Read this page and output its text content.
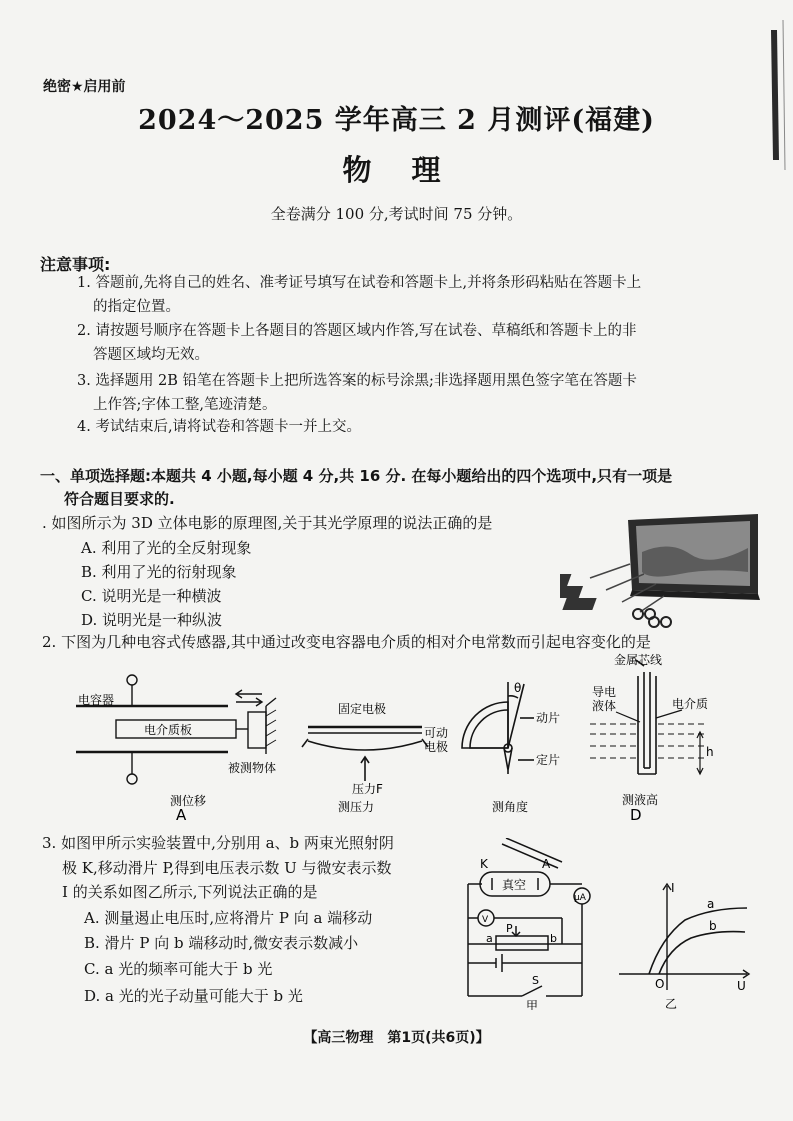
绝密★启用前
2024～2025 学年高三 2 月测评(福建)
物理
全卷满分 100 分,考试时间 75 分钟。
注意事项:
1. 答题前,先将自己的姓名、准考证号填写在试卷和答题卡上,并将条形码粘贴在答题卡上
的指定位置。
2. 请按题号顺序在答题卡上各题目的答题区域内作答,写在试卷、草稿纸和答题卡上的非
答题区域均无效。
3. 选择题用 2B 铅笔在答题卡上把所选答案的标号涂黑;非选择题用黑色签字笔在答题卡
上作答;字体工整,笔迹清楚。
4. 考试结束后,请将试卷和答题卡一并上交。
一、单项选择题:本题共 4 小题,每小题 4 分,共 16 分. 在每小题给出的四个选项中,只有一项是
符合题目要求的.
. 如图所示为 3D 立体电影的原理图,关于其光学原理的说法正确的是
A. 利用了光的全反射现象
B. 利用了光的衍射现象
C. 说明光是一种横波
D. 说明光是一种纵波
2. 下图为几种电容式传感器,其中通过改变电容器电介质的相对介电常数而引起电容变化的是
电容器
电介质板
被测物体
测位移
A
固定电极
可动
电极
压力F
测压力
θ
动片
定片
测角度
金属芯线
导电
液体	电介质
h
测液高
D
3. 如图甲所示实验装置中,分别用 a、b 两束光照射阴
极 K,移动滑片 P,得到电压表示数 U 与微安表示数
I 的关系如图乙所示,下列说法正确的是
A. 测量遏止电压时,应将滑片 P 向 a 端移动
B. 滑片 P 向 b 端移动时,微安表示数减小
C. a 光的频率可能大于 b 光
D. a 光的光子动量可能大于 b 光
真空
K	A
μA
V
P
a	b
S
甲
I
U
O
a
b
乙
【高三物理　第1页(共6页)】
